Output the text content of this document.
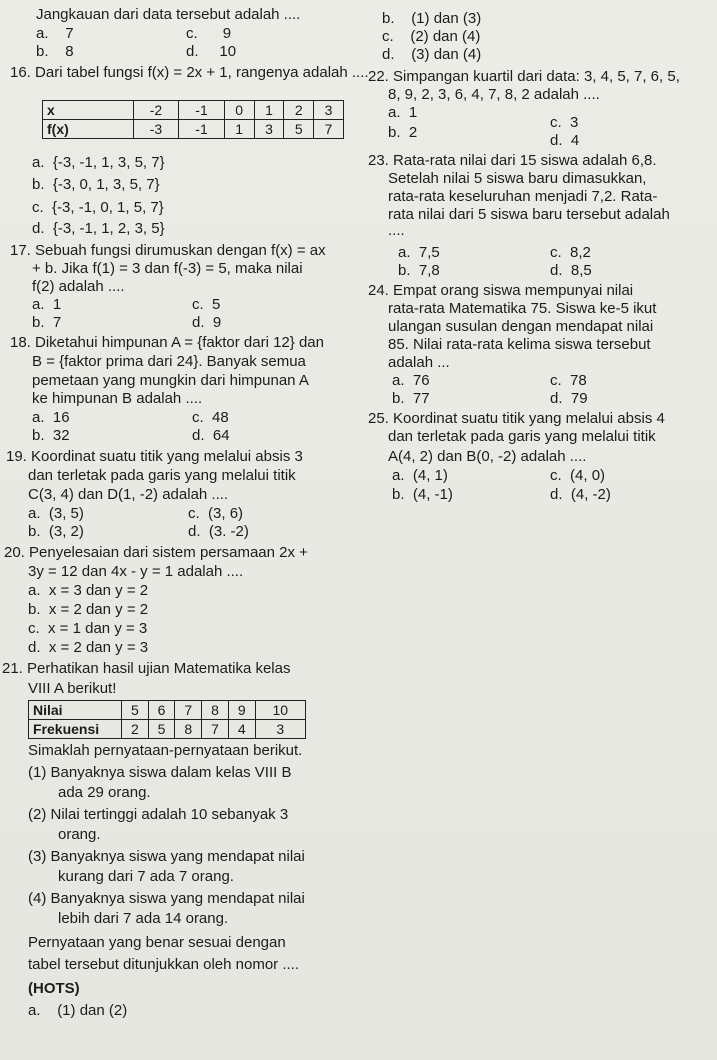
Jangkauan dari data tersebut adalah ....
a. 7	c. 9
b. 8	d. 10
16. Dari tabel fungsi f(x) = 2x + 1, rangenya adalah ....
x	-2	-1	0	1	2	3
f(x)	-3	-1	1	3	5	7
a. {-3, -1, 1, 3, 5, 7}
b. {-3, 0, 1, 3, 5, 7}
c. {-3, -1, 0, 1, 5, 7}
d. {-3, -1, 1, 2, 3, 5}
17. Sebuah fungsi dirumuskan dengan f(x) = ax
+ b. Jika f(1) = 3 dan f(-3) = 5, maka nilai
f(2) adalah ....
a. 1	c. 5
b. 7	d. 9
18. Diketahui himpunan A = {faktor dari 12} dan
B = {faktor prima dari 24}. Banyak semua
pemetaan yang mungkin dari himpunan A
ke himpunan B adalah ....
a. 16	c. 48
b. 32	d. 64
19. Koordinat suatu titik yang melalui absis 3
dan terletak pada garis yang melalui titik
C(3, 4) dan D(1, -2) adalah ....
a. (3, 5)	c. (3, 6)
b. (3, 2)	d. (3. -2)
20. Penyelesaian dari sistem persamaan 2x +
3y = 12 dan 4x - y = 1 adalah ....
a. x = 3 dan y = 2
b. x = 2 dan y = 2
c. x = 1 dan y = 3
d. x = 2 dan y = 3
21. Perhatikan hasil ujian Matematika kelas
VIII A berikut!
Nilai	5	6	7	8	9	10
Frekuensi	2	5	8	7	4	3
Simaklah pernyataan-pernyataan berikut.
(1) Banyaknya siswa dalam kelas VIII B
ada 29 orang.
(2) Nilai tertinggi adalah 10 sebanyak 3
orang.
(3) Banyaknya siswa yang mendapat nilai
kurang dari 7 ada 7 orang.
(4) Banyaknya siswa yang mendapat nilai
lebih dari 7 ada 14 orang.
Pernyataan yang benar sesuai dengan
tabel tersebut ditunjukkan oleh nomor ....
(HOTS)
a. (1) dan (2)
b. (1) dan (3)
c. (2) dan (4)
d. (3) dan (4)
22. Simpangan kuartil dari data: 3, 4, 5, 7, 6, 5,
8, 9, 2, 3, 6, 4, 7, 8, 2 adalah ....
a. 1
c. 3
b. 2	d. 4
23. Rata-rata nilai dari 15 siswa adalah 6,8.
Setelah nilai 5 siswa baru dimasukkan,
rata-rata keseluruhan menjadi 7,2. Rata-
rata nilai dari 5 siswa baru tersebut adalah
....
a. 7,5	c. 8,2
b. 7,8	d. 8,5
24. Empat orang siswa mempunyai nilai
rata-rata Matematika 75. Siswa ke-5 ikut
ulangan susulan dengan mendapat nilai
85. Nilai rata-rata kelima siswa tersebut
adalah ...
a. 76	c. 78
b. 77	d. 79
25. Koordinat suatu titik yang melalui absis 4
dan terletak pada garis yang melalui titik
A(4, 2) dan B(0, -2) adalah ....
a. (4, 1)	c. (4, 0)
b. (4, -1)	d. (4, -2)
